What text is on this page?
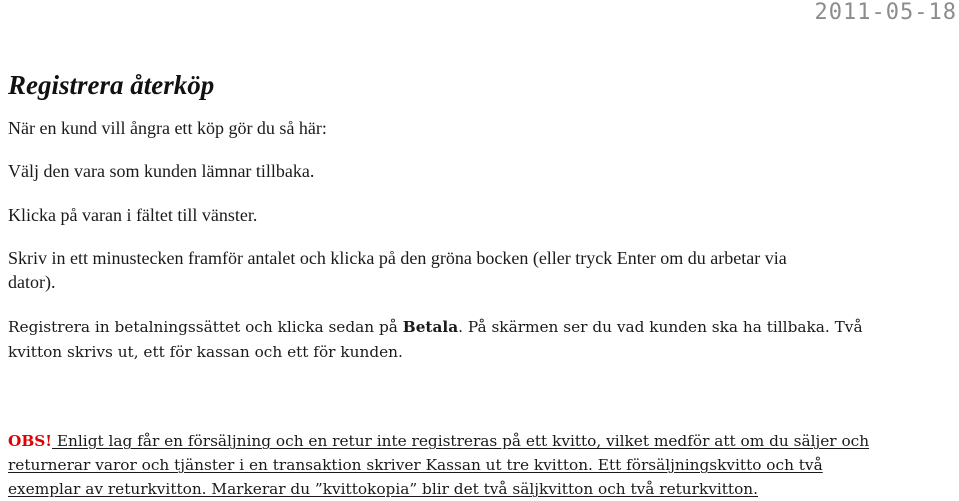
2011-05-18
Registrera återköp

När en kund vill ångra ett köp gör du så här:

Välj den vara som kunden lämnar tillbaka.

Klicka på varan i fältet till vänster.

Skriv in ett minustecken framför antalet och klicka på den gröna bocken (eller tryck Enter om du arbetar via

dator).

Registrera in betalningssättet och klicka sedan på Betala. På skärmen ser du vad kunden ska ha tillbaka. Två

kvitton skrivs ut, ett för kassan och ett för kunden.

OBS! Enligt lag får en försäljning och en retur inte registreras på ett kvitto, vilket medför att om du säljer och

returnerar varor och tjänster i en transaktion skriver Kassan ut tre kvitton. Ett försäljningskvitto och två

exemplar av returkvitton. Markerar du ”kvittokopia” blir det två säljkvitton och två returkvitton.
